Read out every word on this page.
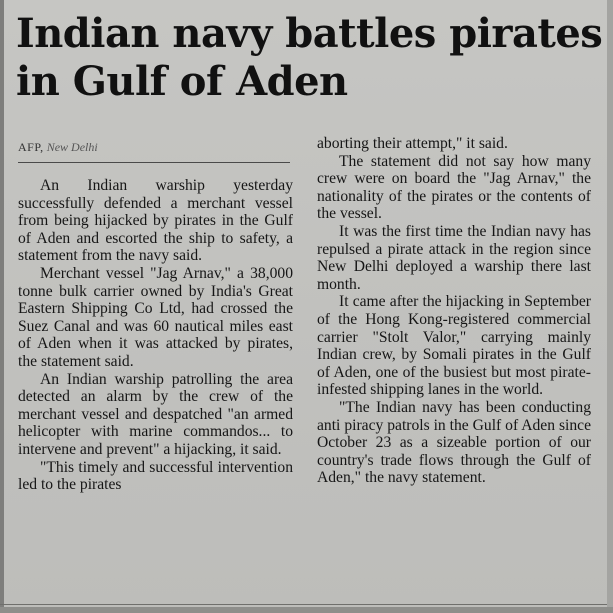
Indian navy battles pirates in Gulf of Aden
AFP, New Delhi

An Indian warship yesterday successfully defended a merchant vessel from being hijacked by pirates in the Gulf of Aden and escorted the ship to safety, a statement from the navy said.

Merchant vessel "Jag Arnav," a 38,000 tonne bulk carrier owned by India's Great Eastern Shipping Co Ltd, had crossed the Suez Canal and was 60 nautical miles east of Aden when it was attacked by pirates, the statement said.

An Indian warship patrolling the area detected an alarm by the crew of the merchant vessel and despatched "an armed helicopter with marine commandos... to intervene and prevent" a hijacking, it said.

"This timely and successful intervention led to the pirates

aborting their attempt," it said.

The statement did not say how many crew were on board the "Jag Arnav," the nationality of the pirates or the contents of the vessel.

It was the first time the Indian navy has repulsed a pirate attack in the region since New Delhi deployed a warship there last month.

It came after the hijacking in September of the Hong Kong-registered commercial carrier "Stolt Valor," carrying mainly Indian crew, by Somali pirates in the Gulf of Aden, one of the busiest but most pirate-infested shipping lanes in the world.

"The Indian navy has been conducting anti piracy patrols in the Gulf of Aden since October 23 as a sizeable portion of our country's trade flows through the Gulf of Aden," the navy statement.
